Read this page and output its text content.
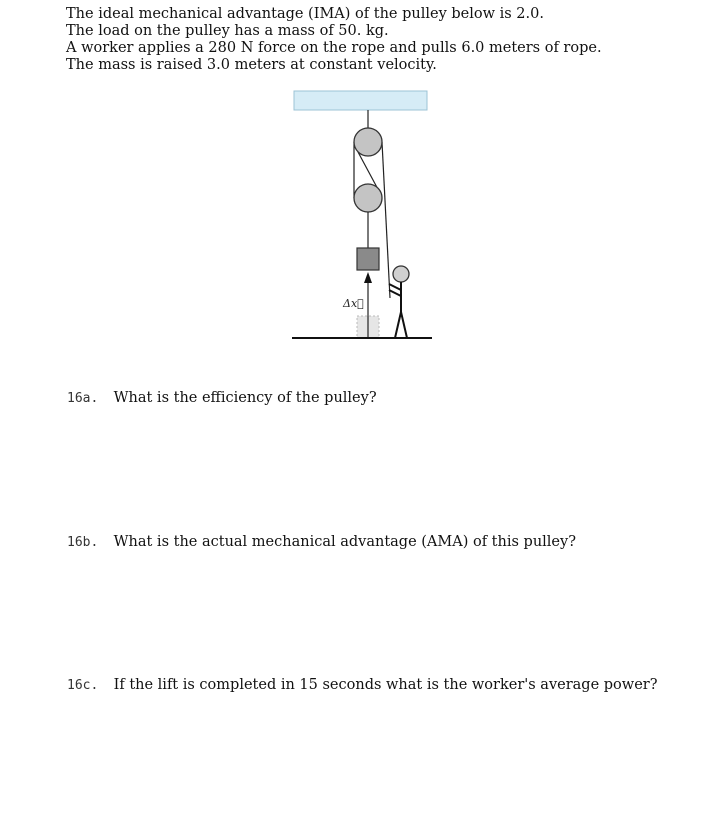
The ideal mechanical advantage (IMA) of the pulley below is 2.0.
The load on the pulley has a mass of 50. kg.
A worker applies a 280 N force on the rope and pulls 6.0 meters of rope.
The mass is raised 3.0 meters at constant velocity.
Δx⃗
16a. What is the efficiency of the pulley?
16b. What is the actual mechanical advantage (AMA) of this pulley?
16c. If the lift is completed in 15 seconds what is the worker's average power?
